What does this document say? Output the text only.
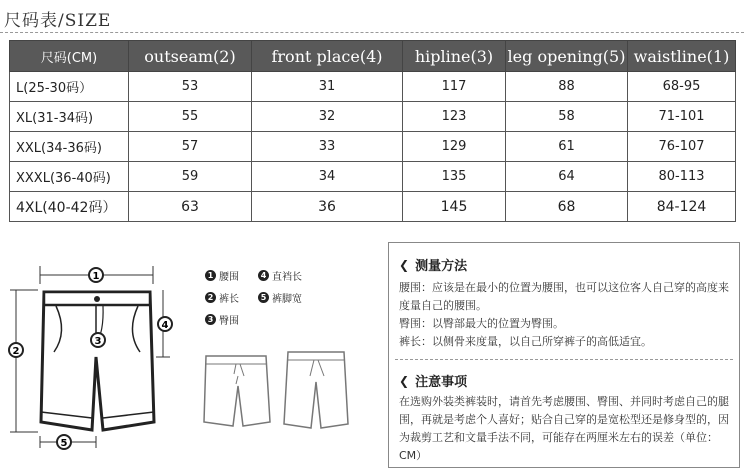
尺码表/SIZE
尺码(CM)	outseam(2)	front place(4)	hipline(3)	leg opening(5)	waistline(1)
L(25-30码）	53	31	117	88	68-95
XL(31-34码)	55	32	123	58	71-101
XXL(34-36码)	57	33	129	61	76-107
XXXL(36-40码)	59	34	135	64	80-113
4XL(40-42码）	63	36	145	68	84-124
1
2
3
4
5
1 腰围	4 直裆长
2 裤长	5 裤脚宽
3 臀围
❮ 测量方法
腰围：应该是在最小的位置为腰围，也可以这位客人自己穿的高度来度量自己的腰围。
臀围：以臀部最大的位置为臀围。
裤长：以侧骨来度量，以自己所穿裤子的高低适宜。
❮ 注意事项
在选购外装类裤装时，请首先考虑腰围、臀围、并同时考虑自己的腿围，再就是考虑个人喜好；贴合自己穿的是宽松型还是修身型的，因为裁剪工艺和文量手法不同，可能存在两厘米左右的误差（单位：CM）
